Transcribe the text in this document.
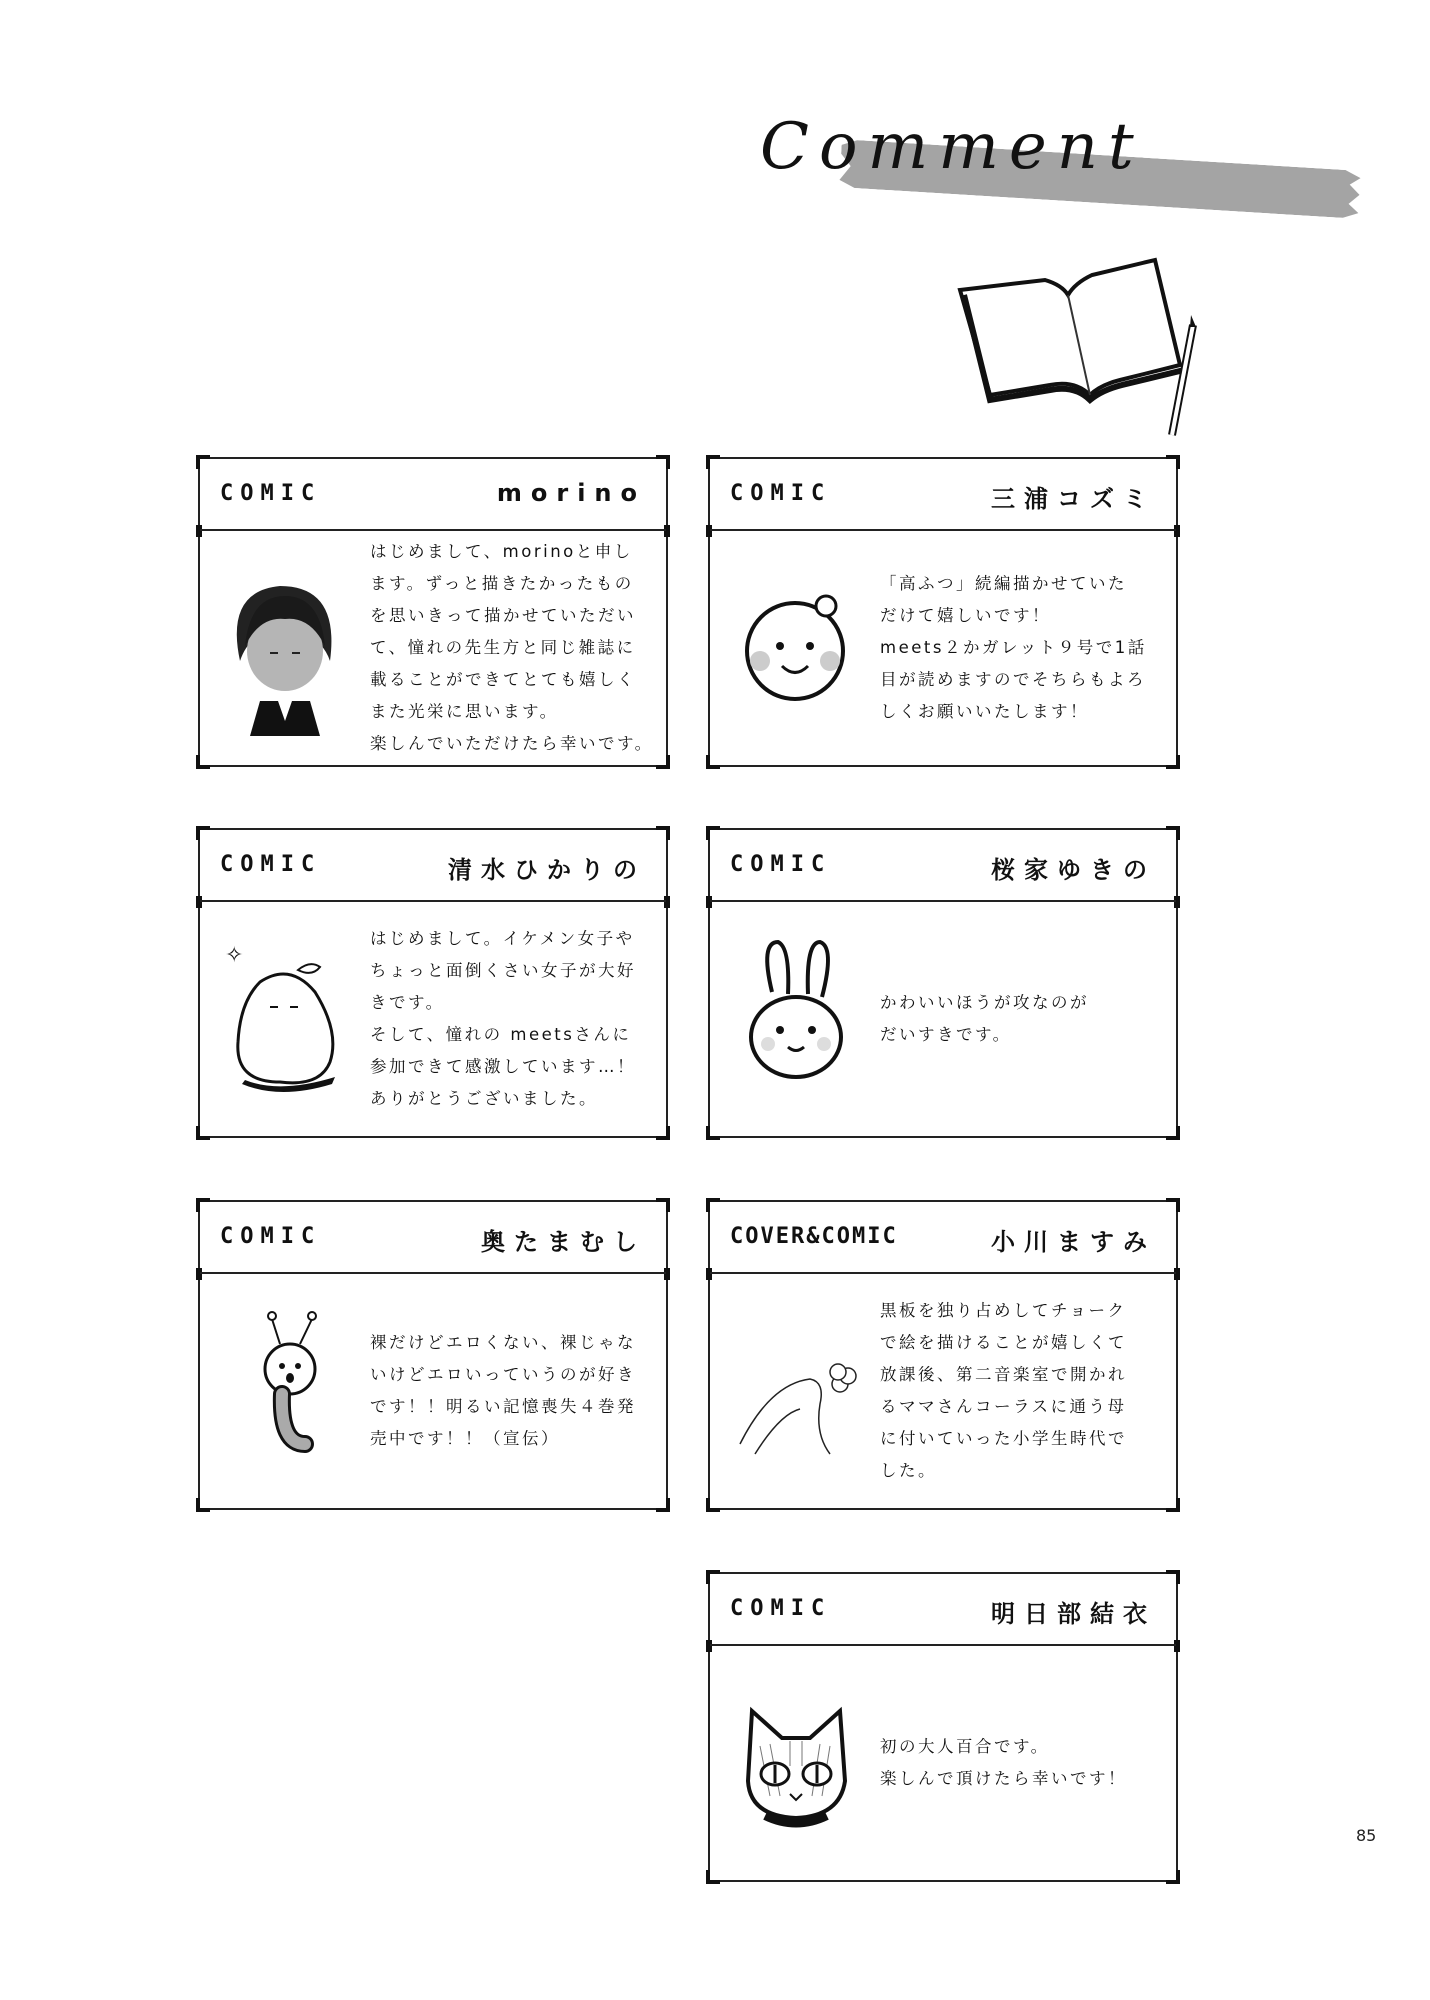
Comment
COMIC	morino
はじめまして、morinoと申し
ます。ずっと描きたかったもの
を思いきって描かせていただい
て、憧れの先生方と同じ雑誌に
載ることができてとても嬉しく
また光栄に思います。
楽しんでいただけたら幸いです。
COMIC	三浦コズミ
「高ふつ」続編描かせていた
だけて嬉しいです！
meets２かガレット９号で1話
目が読めますのでそちらもよろ
しくお願いいたします！
COMIC	清水ひかりの
✧
はじめまして。イケメン女子や
ちょっと面倒くさい女子が大好
きです。
そして、憧れの meetsさんに
参加できて感激しています…！
ありがとうございました。
COMIC	桜家ゆきの
かわいいほうが攻なのが
だいすきです。
COMIC	奥たまむし
裸だけどエロくない、裸じゃな
いけどエロいっていうのが好き
です！！明るい記憶喪失４巻発
売中です！！（宣伝）
COVER&COMIC	小川ますみ
黒板を独り占めしてチョーク
で絵を描けることが嬉しくて
放課後、第二音楽室で開かれ
るママさんコーラスに通う母
に付いていった小学生時代で
した。
COMIC	明日部結衣
初の大人百合です。
楽しんで頂けたら幸いです！
85
